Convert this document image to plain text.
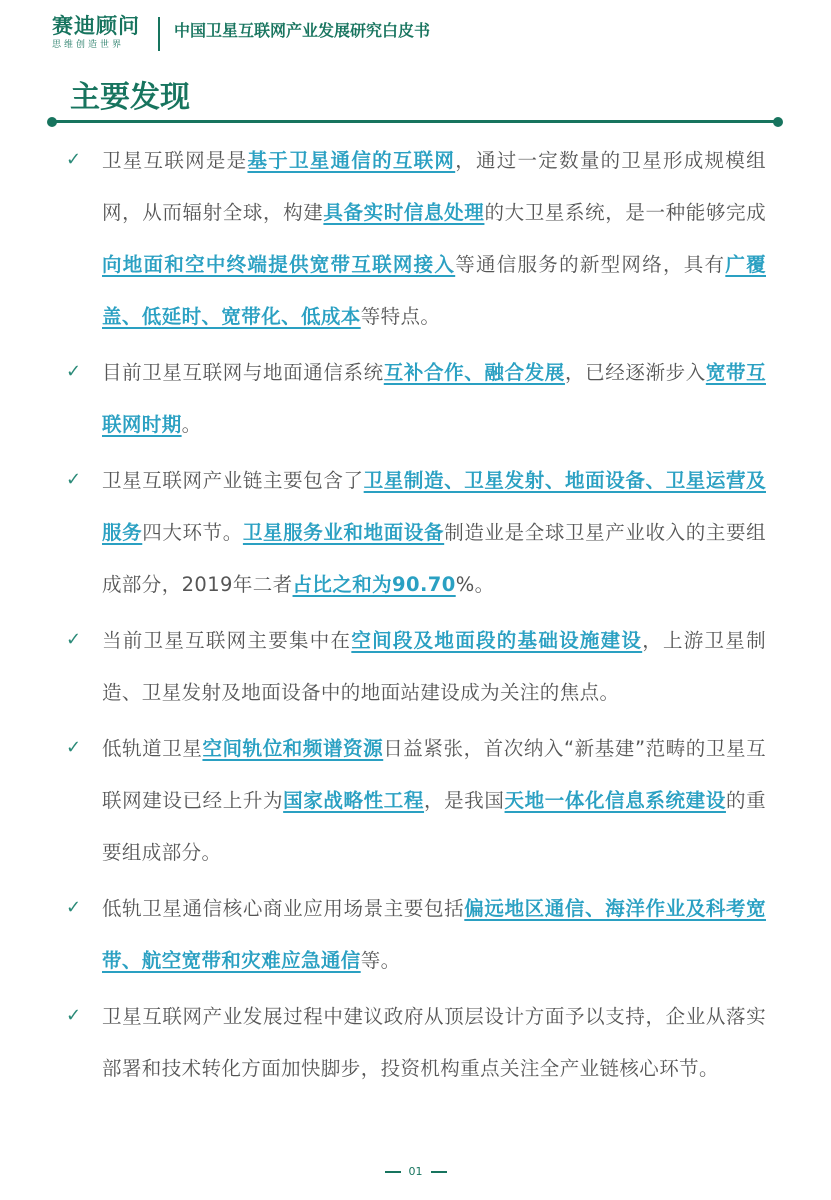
赛迪顾问
思维创造世界
中国卫星互联网产业发展研究白皮书
主要发现
✓ 卫星互联网是是基于卫星通信的互联网，通过一定数量的卫星形成规模组网，从而辐射全球，构建具备实时信息处理的大卫星系统，是一种能够完成向地面和空中终端提供宽带互联网接入等通信服务的新型网络，具有广覆盖、低延时、宽带化、低成本等特点。
✓ 目前卫星互联网与地面通信系统互补合作、融合发展，已经逐渐步入宽带互联网时期。
✓ 卫星互联网产业链主要包含了卫星制造、卫星发射、地面设备、卫星运营及服务四大环节。卫星服务业和地面设备制造业是全球卫星产业收入的主要组成部分，2019年二者占比之和为90.70%。
✓ 当前卫星互联网主要集中在空间段及地面段的基础设施建设，上游卫星制造、卫星发射及地面设备中的地面站建设成为关注的焦点。
✓ 低轨道卫星空间轨位和频谱资源日益紧张，首次纳入“新基建”范畴的卫星互联网建设已经上升为国家战略性工程，是我国天地一体化信息系统建设的重要组成部分。
✓ 低轨卫星通信核心商业应用场景主要包括偏远地区通信、海洋作业及科考宽带、航空宽带和灾难应急通信等。
✓ 卫星互联网产业发展过程中建议政府从顶层设计方面予以支持，企业从落实部署和技术转化方面加快脚步，投资机构重点关注全产业链核心环节。
01
